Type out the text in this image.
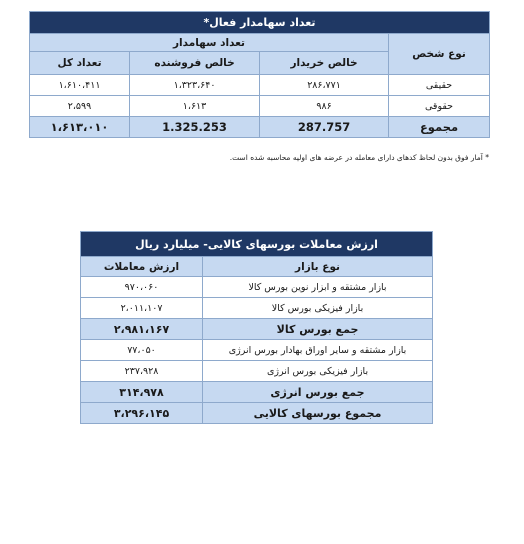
تعداد سهامدار فعال*			
نوع شخص	تعداد سهامدار		
	خالص خریدار	خالص فروشنده	تعداد کل
حقیقی	۲۸۶،۷۷۱	۱،۳۲۳،۶۴۰	۱،۶۱۰،۴۱۱
حقوقی	۹۸۶	۱،۶۱۳	۲،۵۹۹
مجموع	287.757	1.325.253	۱،۶۱۳،۰۱۰
* آمار فوق بدون لحاظ کدهای دارای معامله در عرضه های اولیه محاسبه شده است.
ارزش معاملات بورسهای کالایی- میلیارد ریال	
نوع بازار	ارزش معاملات
بازار مشتقه و ابزار نوین بورس کالا	۹۷۰،۰۶۰
بازار فیزیکی بورس کالا	۲،۰۱۱،۱۰۷
جمع بورس کالا	۲،۹۸۱،۱۶۷
بازار مشتقه و سایر اوراق بهادار بورس انرژی	۷۷،۰۵۰
بازار فیزیکی بورس انرژی	۲۳۷،۹۲۸
جمع بورس انرژی	۳۱۴،۹۷۸
مجموع بورسهای کالایی	۳،۲۹۶،۱۴۵
